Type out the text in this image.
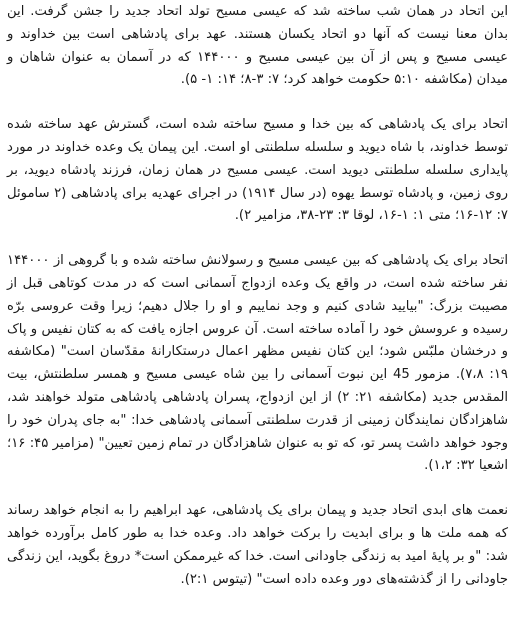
این اتحاد در همان شب ساخته شد که عیسی مسیح تولد اتحاد جدید را جشن گرفت. این بدان معنا نیست که آنها دو اتحاد یکسان هستند. عهد برای پادشاهی است بین خداوند و عیسی مسیح و پس از آن بین عیسی مسیح و ۱۴۴۰۰۰ که در آسمان به عنوان شاهان و میدان (مکاشفه ۵:۱۰ حکومت خواهد کرد؛ ۷: ۳-۸؛ ۱۴: ۱- ۵).

اتحاد برای یک پادشاهی که بین خدا و مسیح ساخته شده است، گسترش عهد ساخته شده توسط خداوند، با شاه دیوید و سلسله سلطنتی او است. این پیمان یک وعده خداوند در مورد پایداری سلسله سلطنتی دیوید است. عیسی مسیح در همان زمان، فرزند پادشاه دیوید، بر روی زمین، و پادشاه توسط یهوه (در سال ۱۹۱۴) در اجرای عهدیه برای پادشاهی (۲ ساموئل ۷: ۱۲-۱۶؛ متی ۱: ۱-۱۶، لوقا ۳: ۲۳-۳۸، مزامیر ۲).

اتحاد برای یک پادشاهی که بین عیسی مسیح و رسولانش ساخته شده و با گروهی از ۱۴۴۰۰۰ نفر ساخته شده است، در واقع یک وعده ازدواج آسمانی است که در مدت کوتاهی قبل از مصیبت بزرگ: "بیایید شادی کنیم و وجد نماییم و او را جلال دهیم؛ زیرا وقت عروسی برّه رسیده و عروسش خود را آماده ساخته است. آن عروس اجازه یافت که به کتان نفیس و پاک و درخشان ملبّس شود؛ این کتان نفیس مظهر اعمال درستکارانهٔ مقدّسان است" (مکاشفه ۱۹: ۷،۸). مزمور 45 این نبوت آسمانی را بین شاه عیسی مسیح و همسر سلطنتش، بیت المقدس جدید (مکاشفه ۲۱: ۲) از این ازدواج، پسران پادشاهی پادشاهی متولد خواهند شد، شاهزادگان نمایندگان زمینی از قدرت سلطنتی آسمانی پادشاهی خدا: "به جای پدران خود را وجود خواهد داشت پسر تو، که تو به عنوان شاهزادگان در تمام زمین تعیین" (مزامیر ۴۵: ۱۶؛ اشعیا ۳۲: ۱،۲).

نعمت های ابدی اتحاد جدید و پیمان برای یک پادشاهی، عهد ابراهیم را به انجام خواهد رساند که همه ملت ها و برای ابدیت را برکت خواهد داد. وعده خدا به طور کامل برآورده خواهد شد: "و بر پایهٔ امید به زندگی جاودانی است. خدا که غیرممکن است* دروغ بگوید، این زندگی جاودانی را از گذشته‌های دور وعده داده است" (تیتوس ۲:۱).
